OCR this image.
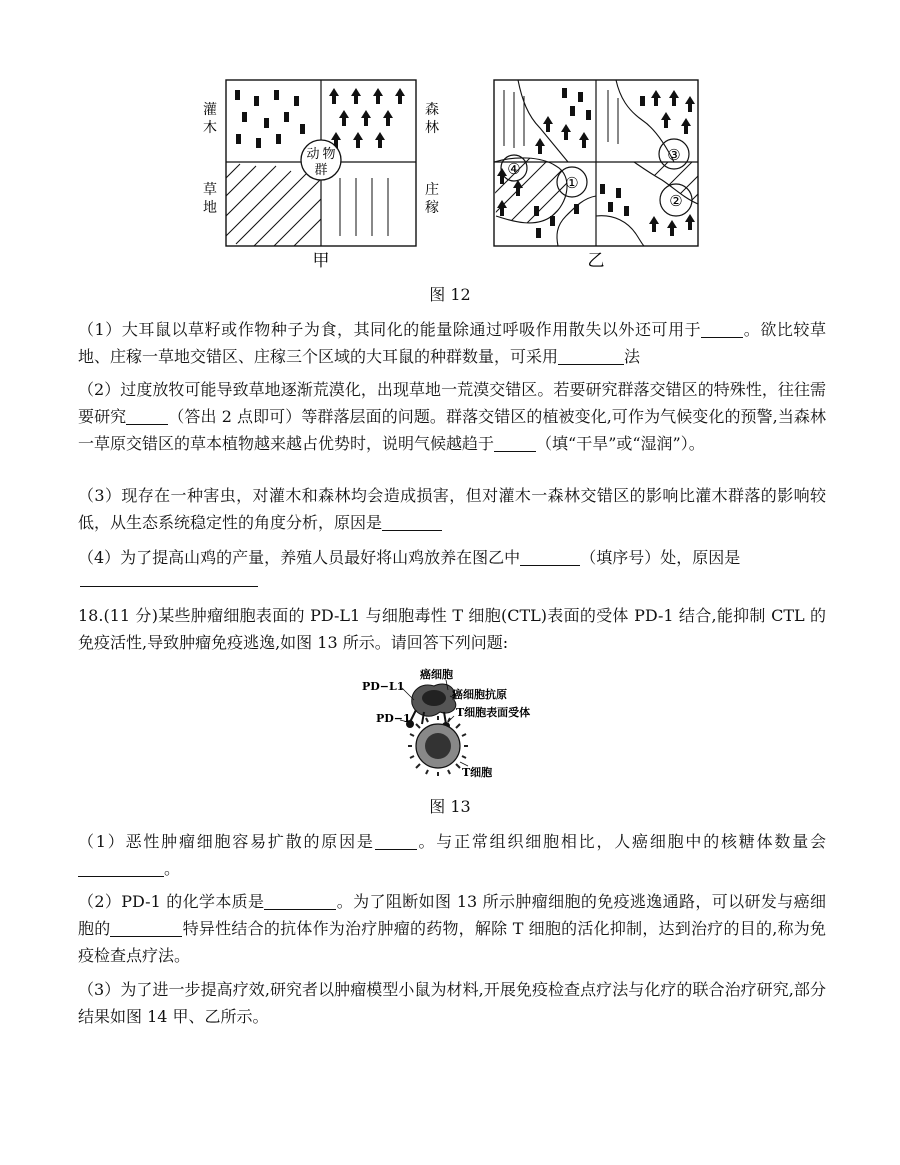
动 物
群
灌
木
森
林
草
地
庄
稼
甲
④
①
③
②
乙
图 12

（1）大耳鼠以草籽或作物种子为食，其同化的能量除通过呼吸作用散失以外还可用于	。欲比较草地、庄稼一草地交错区、庄稼三个区域的大耳鼠的种群数量，可采用	法

（2）过度放牧可能导致草地逐渐荒漠化，出现草地一荒漠交错区。若要研究群落交错区的特殊性，往往需要研究	（答出 2 点即可）等群落层面的问题。群落交错区的植被变化,可作为气候变化的预警,当森林一草原交错区的草本植物越来越占优势时，说明气候越趋于	（填“干旱”或“湿润”）。

（3）现存在一种害虫，对灌木和森林均会造成损害，但对灌木一森林交错区的影响比灌木群落的影响较低，从生态系统稳定性的角度分析，原因是

（4）为了提高山鸡的产量，养殖人员最好将山鸡放养在图乙中	（填序号）处，原因是

18.(11 分)某些肿瘤细胞表面的 PD-L1 与细胞毒性 T 细胞(CTL)表面的受体 PD-1 结合,能抑制 CTL 的免疫活性,导致肿瘤免疫逃逸,如图 13 所示。请回答下列问题:

癌细胞
PD−L1
癌细胞抗原
PD−1	T细胞表面受体
T细胞
图 13

（1）恶性肿瘤细胞容易扩散的原因是	。与正常组织细胞相比，人癌细胞中的核糖体数量会。

（2）PD-1 的化学本质是	。为了阻断如图 13 所示肿瘤细胞的免疫逃逸通路，可以研发与癌细胞的	特异性结合的抗体作为治疗肿瘤的药物，解除 T 细胞的活化抑制，达到治疗的目的,称为免疫检查点疗法。

（3）为了进一步提高疗效,研究者以肿瘤模型小鼠为材料,开展免疫检查点疗法与化疗的联合治疗研究,部分结果如图 14 甲、乙所示。
